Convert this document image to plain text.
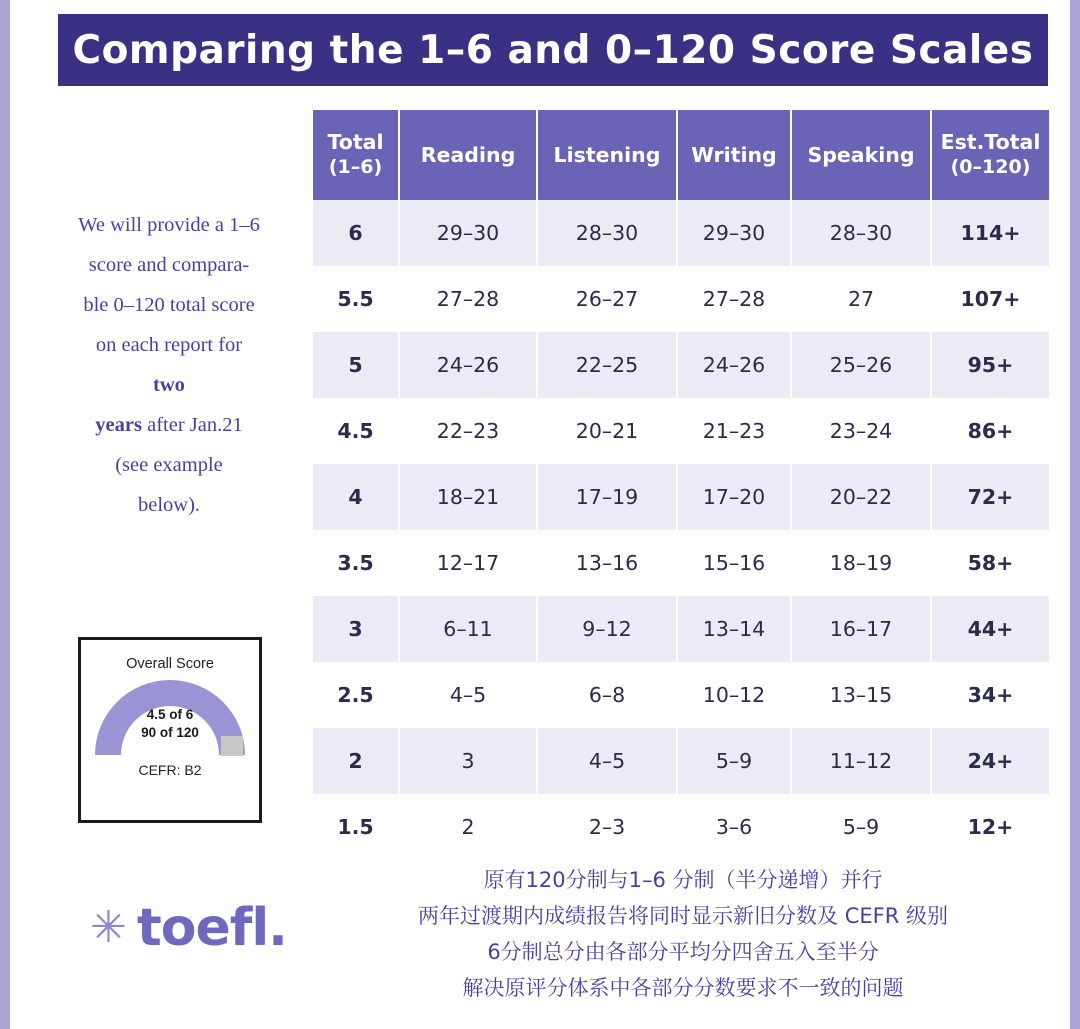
Comparing the 1–6 and 0–120 Score Scales
We will provide a 1–6
score and compara-
ble 0–120 total score
on each report for
two
years after Jan.21
(see example
below).
Overall Score
4.5 of 6
90 of 120
CEFR: B2
✳ toefl.
Total
(1–6)	Reading	Listening	Writing	Speaking	Est.Total
(0–120)

6	29–30	28–30	29–30	28–30	114+
5.5	27–28	26–27	27–28	27	107+
5	24–26	22–25	24–26	25–26	95+
4.5	22–23	20–21	21–23	23–24	86+
4	18–21	17–19	17–20	20–22	72+
3.5	12–17	13–16	15–16	18–19	58+
3	6–11	9–12	13–14	16–17	44+
2.5	4–5	6–8	10–12	13–15	34+
2	3	4–5	5–9	11–12	24+
1.5	2	2–3	3–6	5–9	12+
原有120分制与1–6 分制（半分递增）并行
两年过渡期内成绩报告将同时显示新旧分数及 CEFR 级别
6分制总分由各部分平均分四舍五入至半分
解决原评分体系中各部分分数要求不一致的问题
